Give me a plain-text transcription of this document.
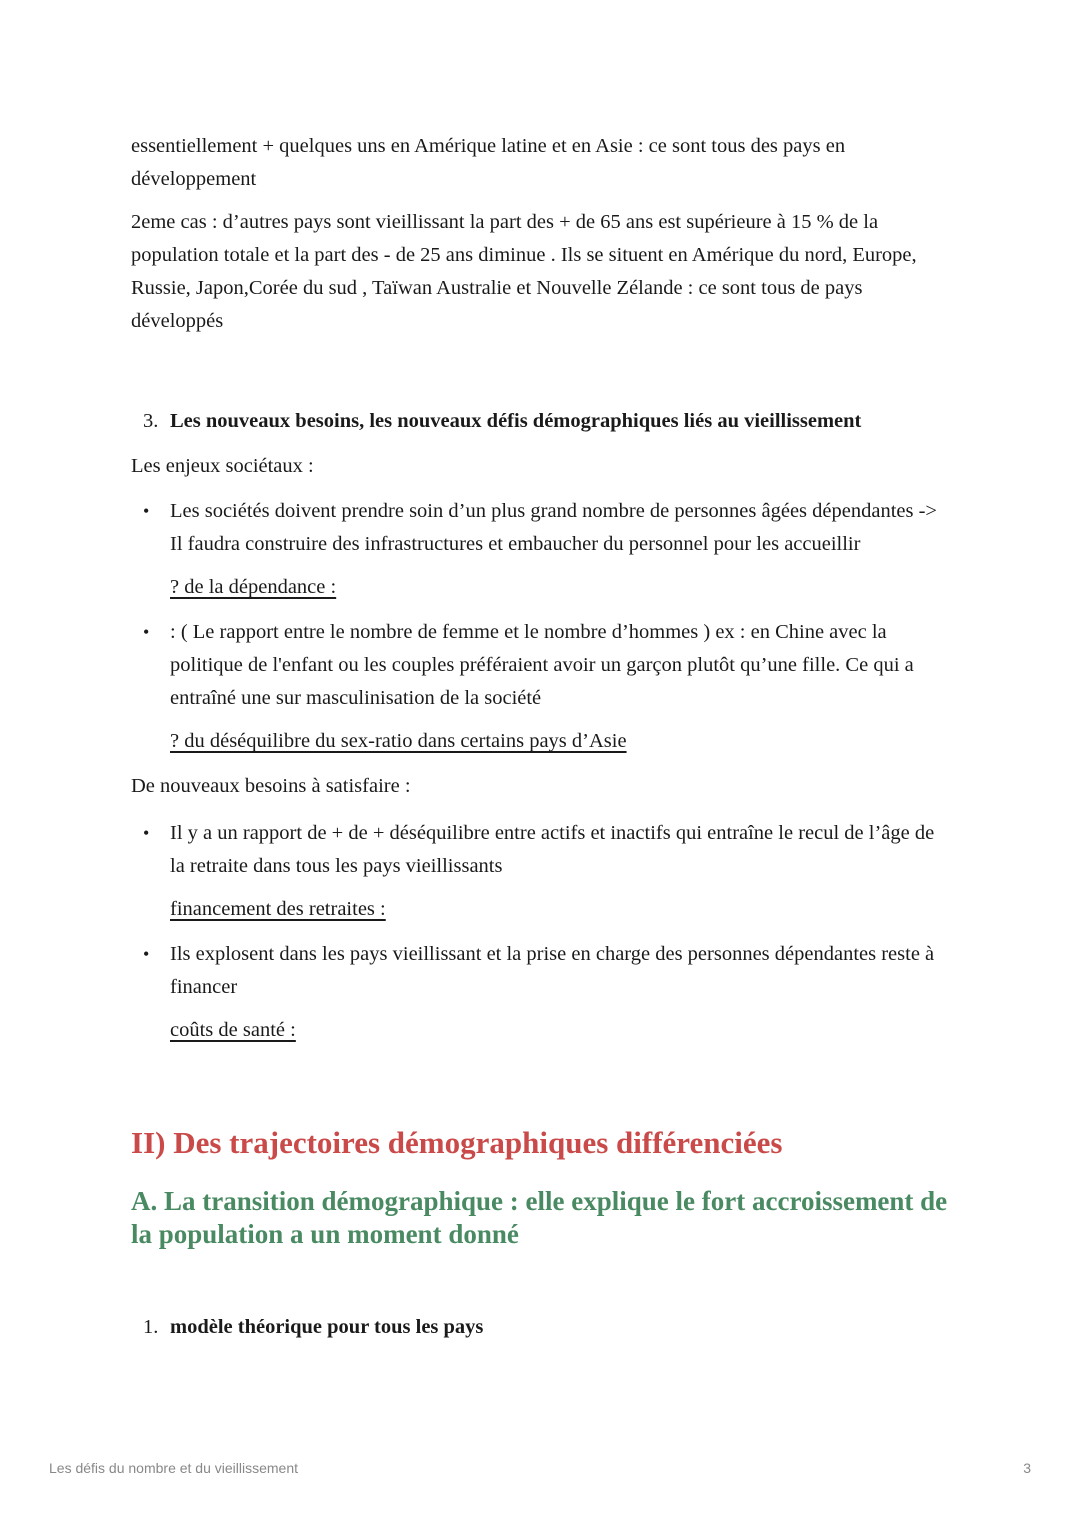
essentiellement + quelques uns en Amérique latine et en Asie : ce sont tous des pays en développement

2eme cas : d’autres pays sont vieillissant la part des + de 65 ans est supérieure à 15 % de la population totale et la part des - de 25 ans diminue . Ils se situent en Amérique du nord, Europe, Russie, Japon,Corée du sud , Taïwan Australie et Nouvelle Zélande : ce sont tous de pays développés

3. Les nouveaux besoins, les nouveaux défis démographiques liés au vieillissement

Les enjeux sociétaux :

•	Les sociétés doivent prendre soin d’un plus grand nombre de personnes âgées dépendantes -> Il faudra construire des infrastructures et embaucher du personnel pour les accueillir
? de la dépendance :
•	: ( Le rapport entre le nombre de femme et le nombre d’hommes ) ex : en Chine avec la politique de l'enfant ou les couples préféraient avoir un garçon plutôt qu’une fille. Ce qui a entraîné une sur masculinisation de la société
? du déséquilibre du sex-ratio dans certains pays d’Asie

De nouveaux besoins à satisfaire :

•	Il y a un rapport de + de + déséquilibre entre actifs et inactifs qui entraîne le recul de l’âge de la retraite dans tous les pays vieillissants
financement des retraites :
•	Ils explosent dans les pays vieillissant et la prise en charge des personnes dépendantes reste à financer
coûts de santé :
II) Des trajectoires démographiques différenciées
A. La transition démographique : elle explique le fort accroissement de la population a un moment donné
1. modèle théorique pour tous les pays
Les défis du nombre et du vieillissement	3
